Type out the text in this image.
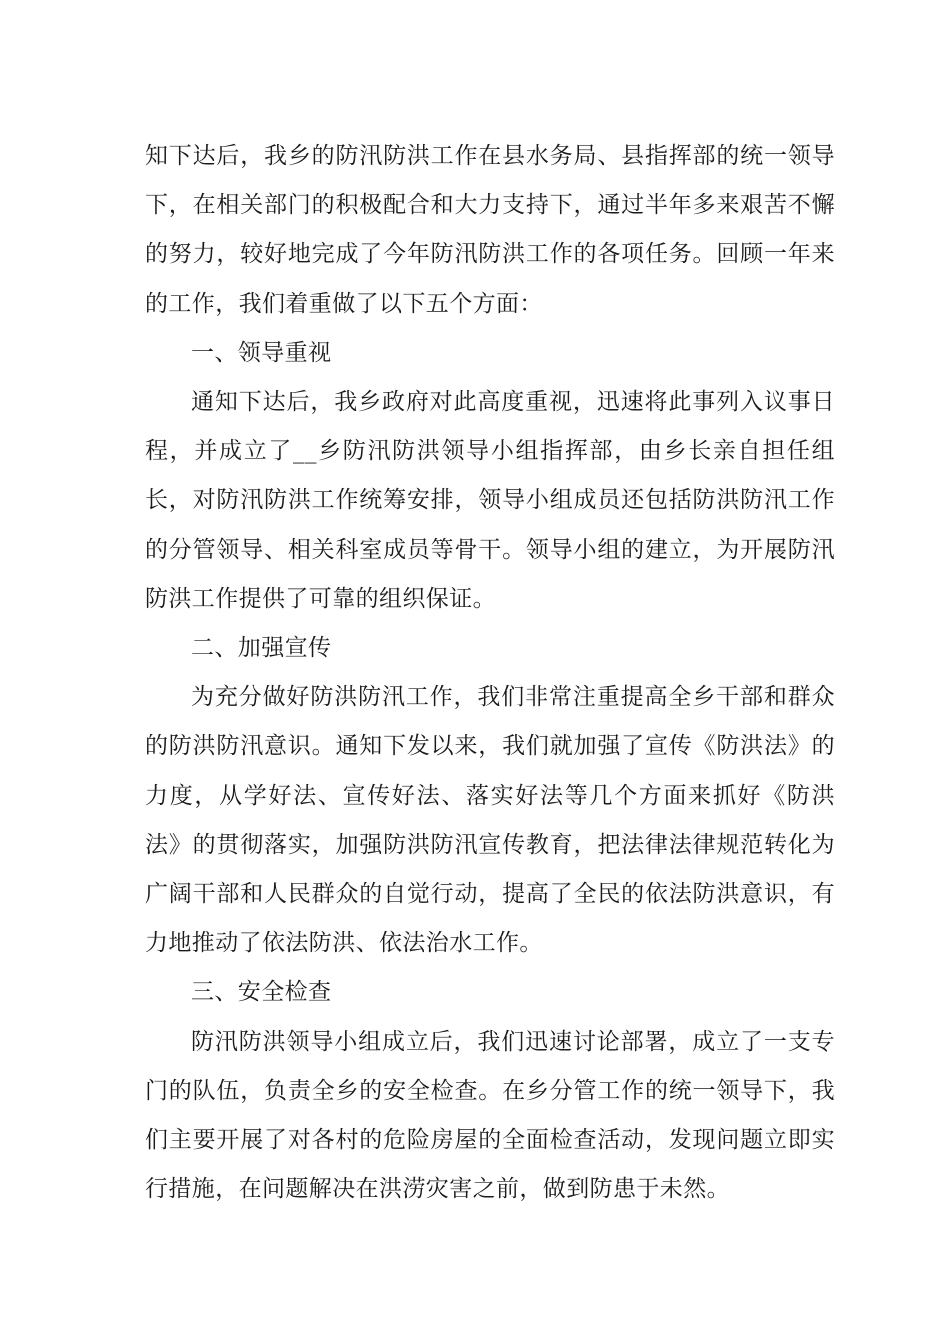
知下达后，我乡的防汛防洪工作在县水务局、县指挥部的统一领导下，在相关部门的积极配合和大力支持下，通过半年多来艰苦不懈的努力，较好地完成了今年防汛防洪工作的各项任务。回顾一年来的工作，我们着重做了以下五个方面：

一、领导重视

通知下达后，我乡政府对此高度重视，迅速将此事列入议事日程，并成立了__乡防汛防洪领导小组指挥部，由乡长亲自担任组长，对防汛防洪工作统筹安排，领导小组成员还包括防洪防汛工作的分管领导、相关科室成员等骨干。领导小组的建立，为开展防汛防洪工作提供了可靠的组织保证。

二、加强宣传

为充分做好防洪防汛工作，我们非常注重提高全乡干部和群众的防洪防汛意识。通知下发以来，我们就加强了宣传《防洪法》的力度，从学好法、宣传好法、落实好法等几个方面来抓好《防洪法》的贯彻落实，加强防洪防汛宣传教育，把法律法律规范转化为广阔干部和人民群众的自觉行动，提高了全民的依法防洪意识，有力地推动了依法防洪、依法治水工作。

三、安全检查

防汛防洪领导小组成立后，我们迅速讨论部署，成立了一支专门的队伍，负责全乡的安全检查。在乡分管工作的统一领导下，我们主要开展了对各村的危险房屋的全面检查活动，发现问题立即实行措施，在问题解决在洪涝灾害之前，做到防患于未然。
